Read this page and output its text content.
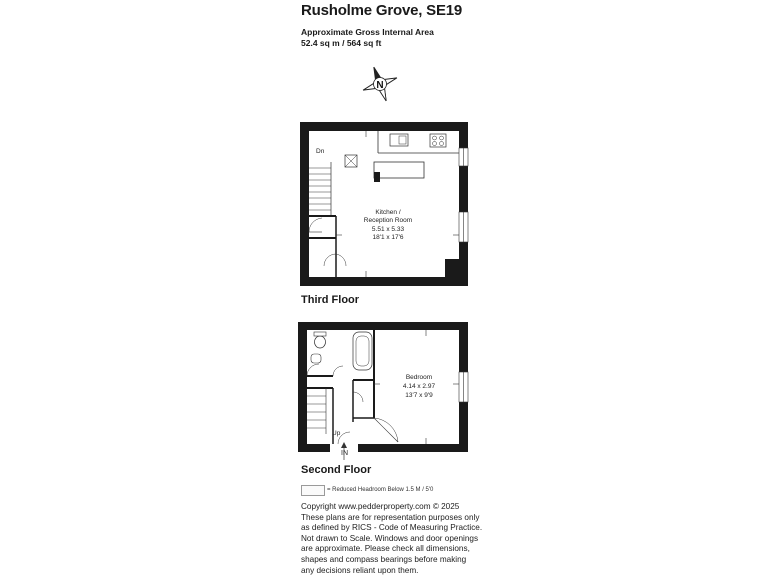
Rusholme Grove, SE19
Approximate Gross Internal Area
52.4 sq m / 564 sq ft
N
Dn
Kitchen /
Reception Room
5.51 x 5.33
18'1 x 17'6
Third Floor
Up
Bedroom
4.14 x 2.97
13'7 x 9'9
IN
Second Floor
= Reduced Headroom Below 1.5 M / 5'0
Copyright www.pedderproperty.com © 2025
These plans are for representation purposes only
as defined by RICS - Code of Measuring Practice.
Not drawn to Scale. Windows and door openings
are approximate. Please check all dimensions,
shapes and compass bearings before making
any decisions reliant upon them.
